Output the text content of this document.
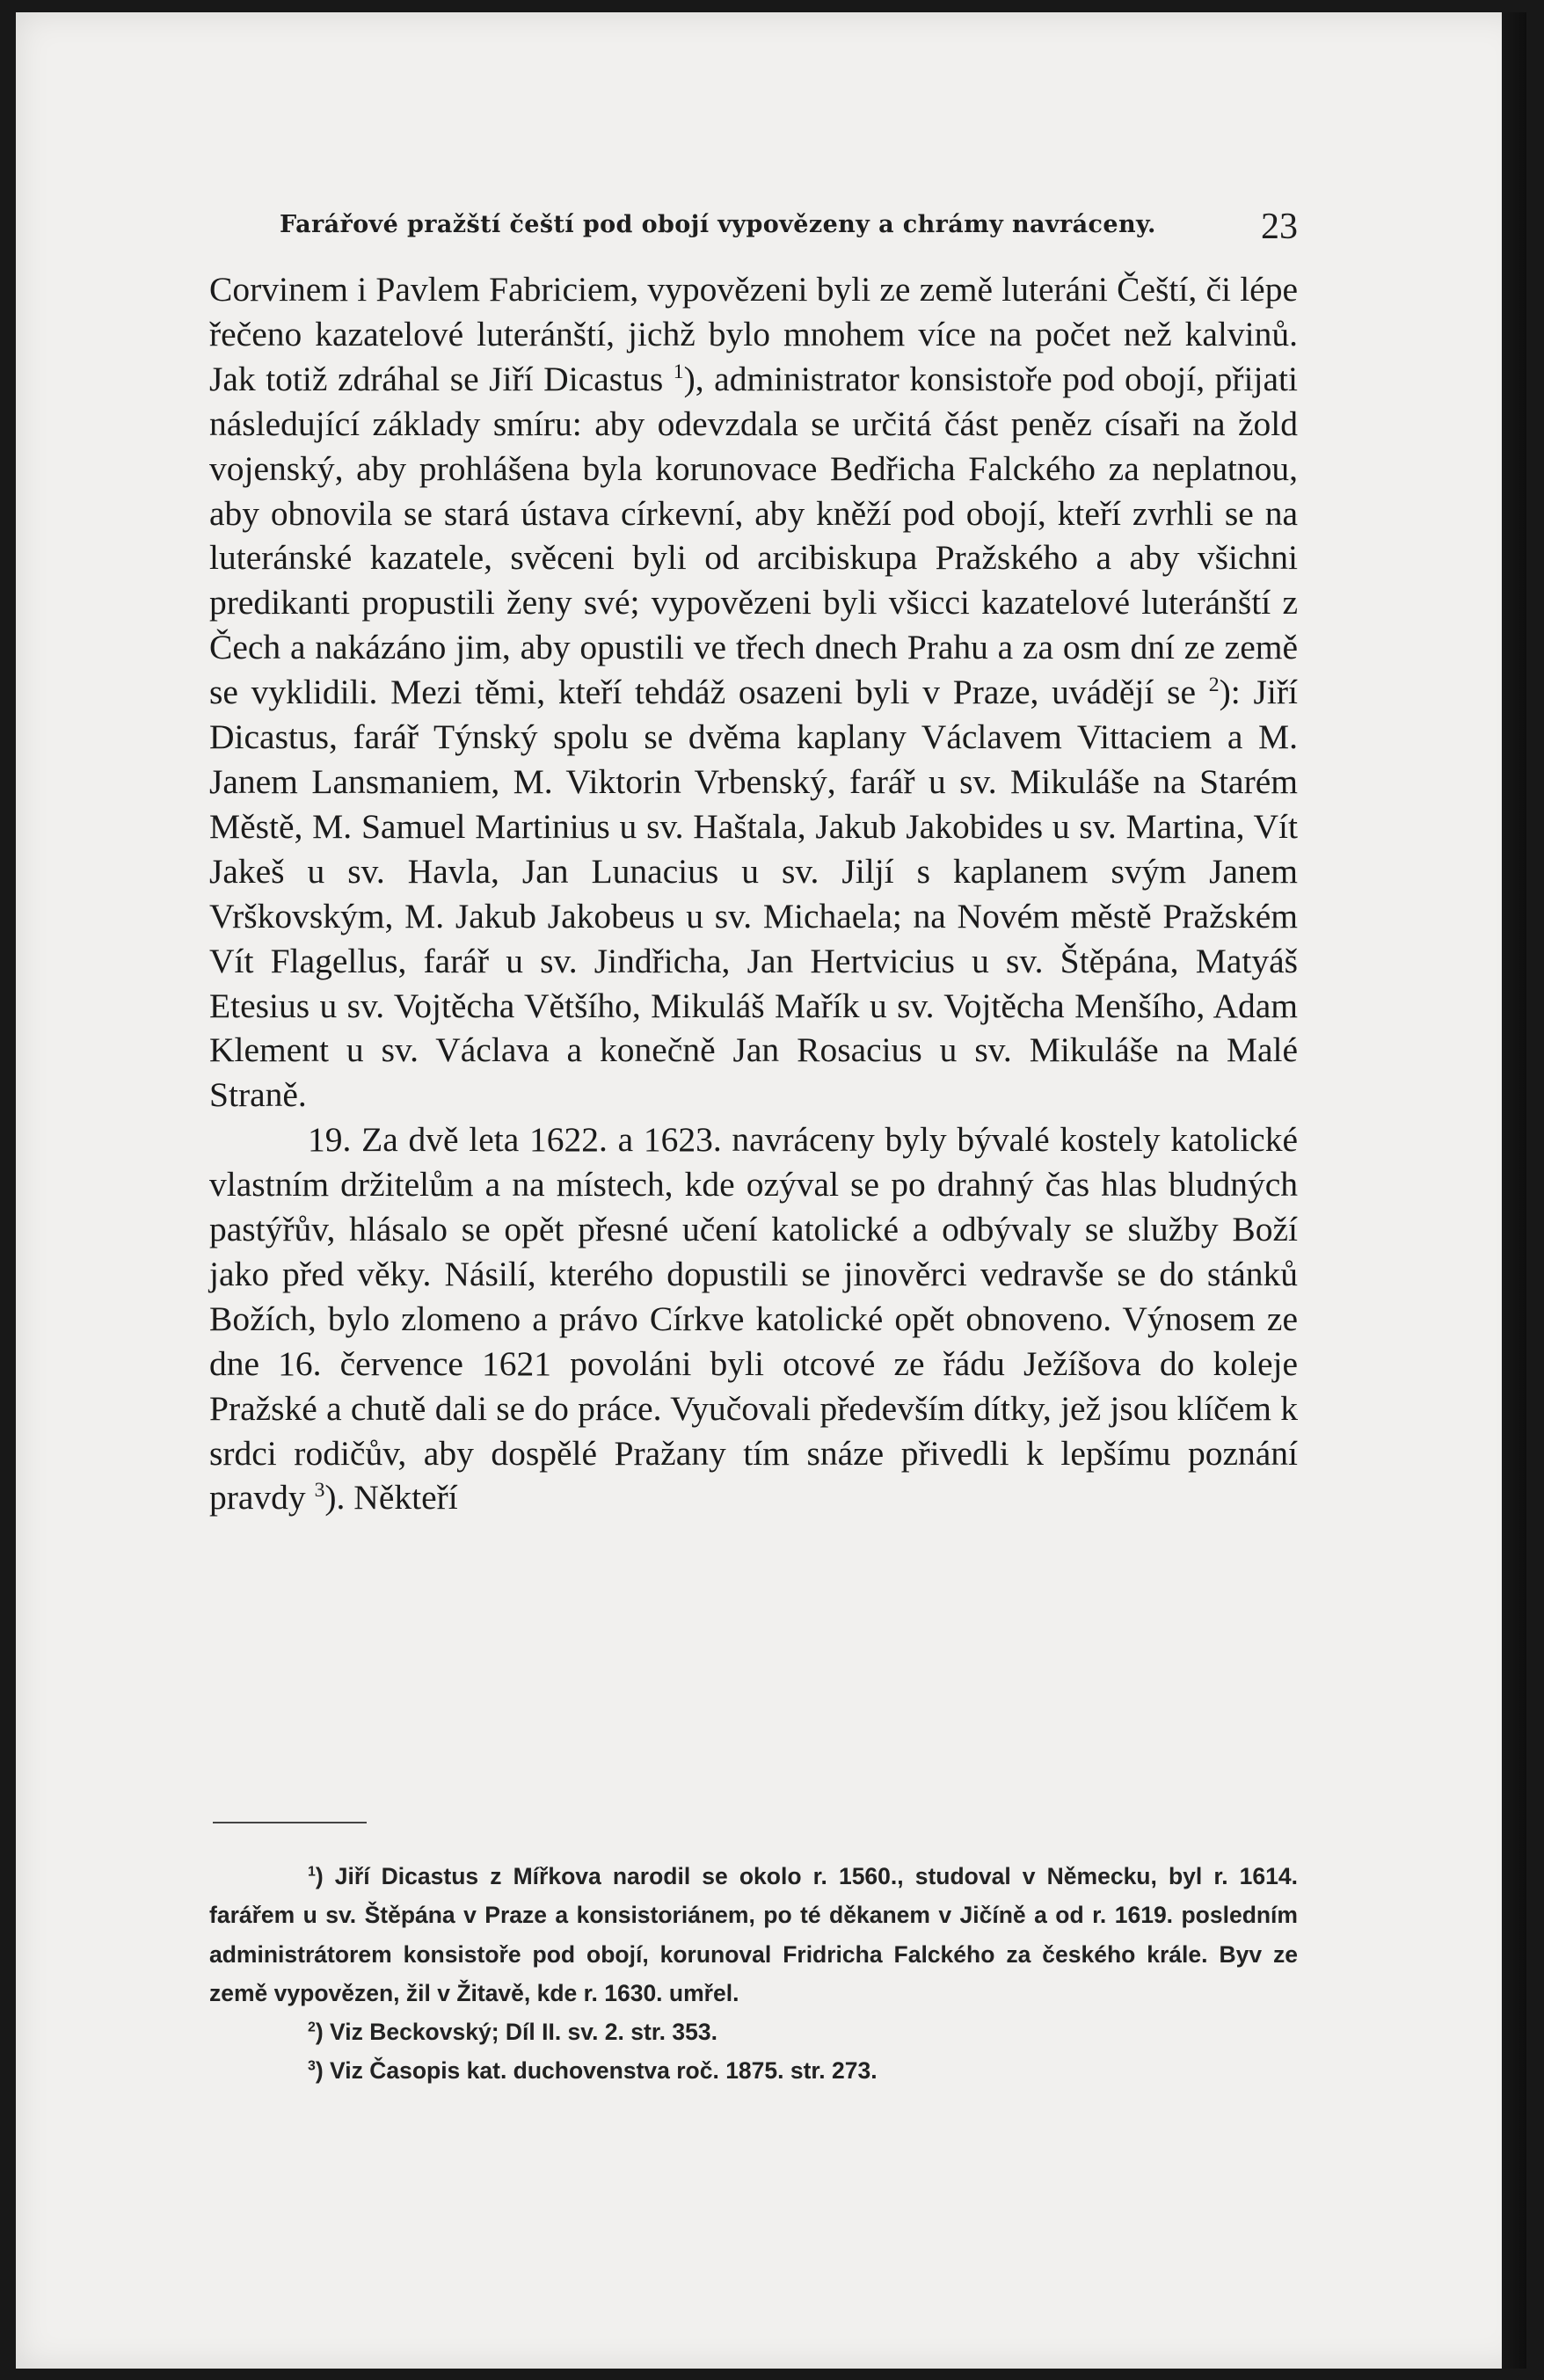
Farářové pražští čeští pod obojí vypovězeny a chrámy navráceny.	23

Corvinem i Pavlem Fabriciem, vypovězeni byli ze země luteráni Čeští, či lépe řečeno kazatelové luteránští, jichž bylo mnohem více na počet než kalvinů. Jak totiž zdráhal se Jiří Dicastus $^1$), administrator konsistoře pod obojí, přijati následující základy smíru: aby odevzdala se určitá část peněz císaři na žold vojenský, aby prohlášena byla korunovace Bedřicha Falckého za neplatnou, aby obnovila se stará ústava církevní, aby kněží pod obojí, kteří zvrhli se na luteránské kazatele, svěceni byli od arcibiskupa Pražského a aby všichni predikanti propustili ženy své; vypovězeni byli všicci kazatelové luteránští z Čech a nakázáno jim, aby opustili ve třech dnech Prahu a za osm dní ze země se vyklidili. Mezi těmi, kteří tehdáž osazeni byli v Praze, uvádějí se $^2$): Jiří Dicastus, farář Týnský spolu se dvěma kaplany Václavem Vittaciem a M. Janem Lansmaniem, M. Viktorin Vrbenský, farář u sv. Mikuláše na Starém Městě, M. Samuel Martinius u sv. Haštala, Jakub Jakobides u sv. Martina, Vít Jakeš u sv. Havla, Jan Lunacius u sv. Jiljí s kaplanem svým Janem Vrškovským, M. Jakub Jakobeus u sv. Michaela; na Novém městě Pražském Vít Flagellus, farář u sv. Jindřicha, Jan Hertvicius u sv. Štěpána, Matyáš Etesius u sv. Vojtěcha Většího, Mikuláš Mařík u sv. Vojtěcha Menšího, Adam Klement u sv. Václava a konečně Jan Rosacius u sv. Mikuláše na Malé Straně.

19. Za dvě leta 1622. a 1623. navráceny byly bývalé kostely katolické vlastním držitelům a na místech, kde ozýval se po drahný čas hlas bludných pastýřův, hlásalo se opět přesné učení katolické a odbývaly se služby Boží jako před věky. Násilí, kterého dopustili se jinověrci vedravše se do stánků Božích, bylo zlomeno a právo Církve katolické opět obnoveno. Výnosem ze dne 16. července 1621 povoláni byli otcové ze řádu Ježíšova do koleje Pražské a chutě dali se do práce. Vyučovali především dítky, jež jsou klíčem k srdci rodičův, aby dospělé Pražany tím snáze přivedli k lepšímu poznání pravdy $^3$). Někteří

$^1$) Jiří Dicastus z Mířkova narodil se okolo r. 1560., studoval v Německu, byl r. 1614. farářem u sv. Štěpána v Praze a konsistoriánem, po té děkanem v Jičíně a od r. 1619. posledním administrátorem konsistoře pod obojí, korunoval Fridricha Falckého za českého krále. Byv ze země vypovězen, žil v Žitavě, kde r. 1630. umřel.

$^2$) Viz Beckovský; Díl II. sv. 2. str. 353.

$^3$) Viz Časopis kat. duchovenstva roč. 1875. str. 273.
